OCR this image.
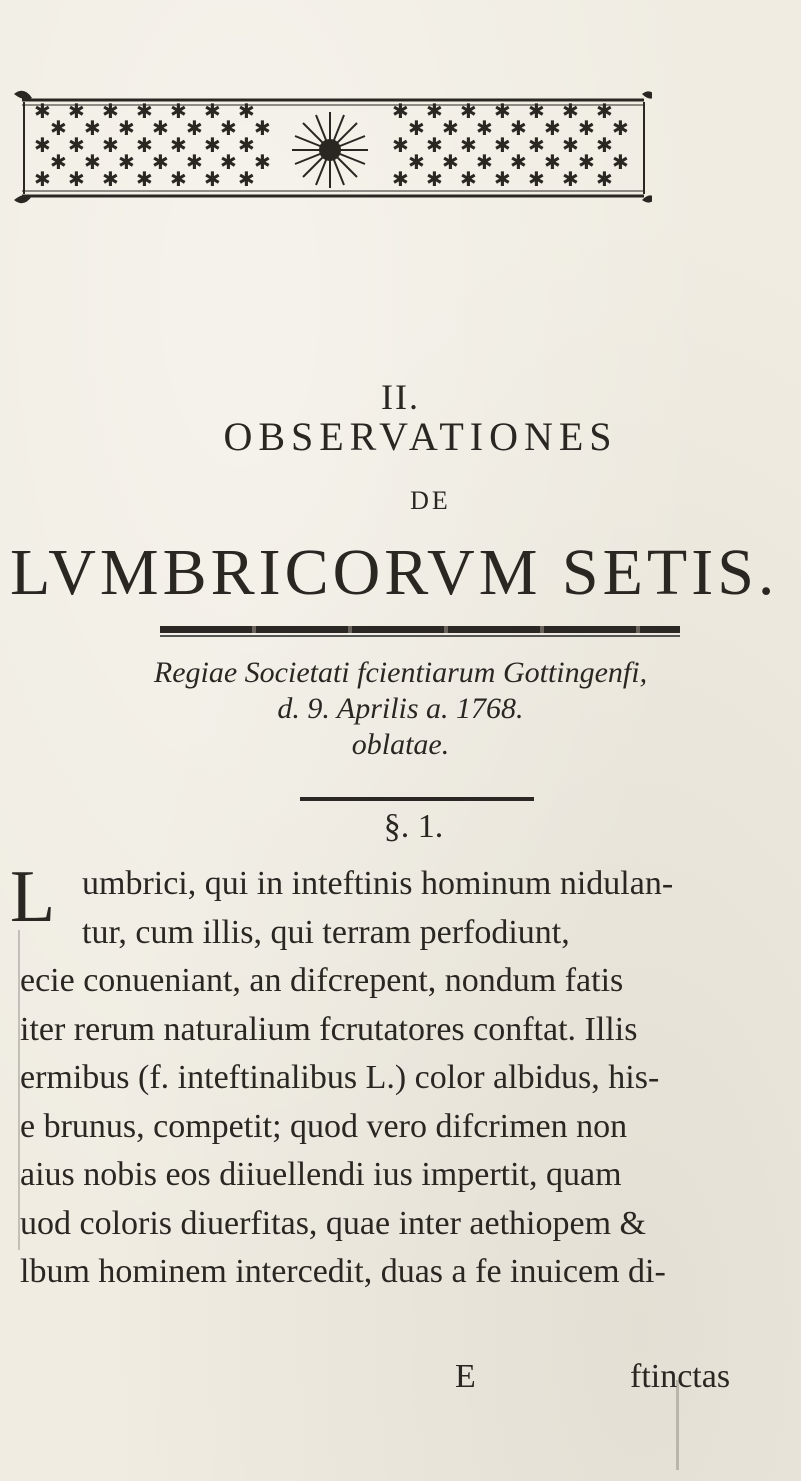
✱ ✱ ✱ ✱ ✱ ✱ ✱	✱ ✱ ✱ ✱ ✱ ✱ ✱
✱ ✱ ✱ ✱ ✱ ✱ ✱	✱ ✱ ✱ ✱ ✱ ✱ ✱
✱ ✱ ✱ ✱ ✱ ✱ ✱	✱ ✱ ✱ ✱ ✱ ✱ ✱
✱ ✱ ✱ ✱ ✱ ✱ ✱	✱ ✱ ✱ ✱ ✱ ✱ ✱
✱ ✱ ✱ ✱ ✱ ✱ ✱	✱ ✱ ✱ ✱ ✱ ✱ ✱
II.
OBSERVATIONES
DE
LVMBRICORVM SETIS.
Regiae Societati fcientiarum Gottingenfi,
d. 9. Aprilis a. 1768.
oblatae.
§. 1.
L umbrici, qui in inteftinis hominum nidulan-
tur, cum illis, qui terram perfodiunt,
ecie conueniant, an difcrepent, nondum fatis
iter rerum naturalium fcrutatores conftat. Illis
ermibus (f. inteftinalibus L.) color albidus, his-
e brunus, competit; quod vero difcrimen non
aius nobis eos diiuellendi ius impertit, quam
uod coloris diuerfitas, quae inter aethiopem &
lbum hominem intercedit, duas a fe inuicem di-
E	ftinctas
